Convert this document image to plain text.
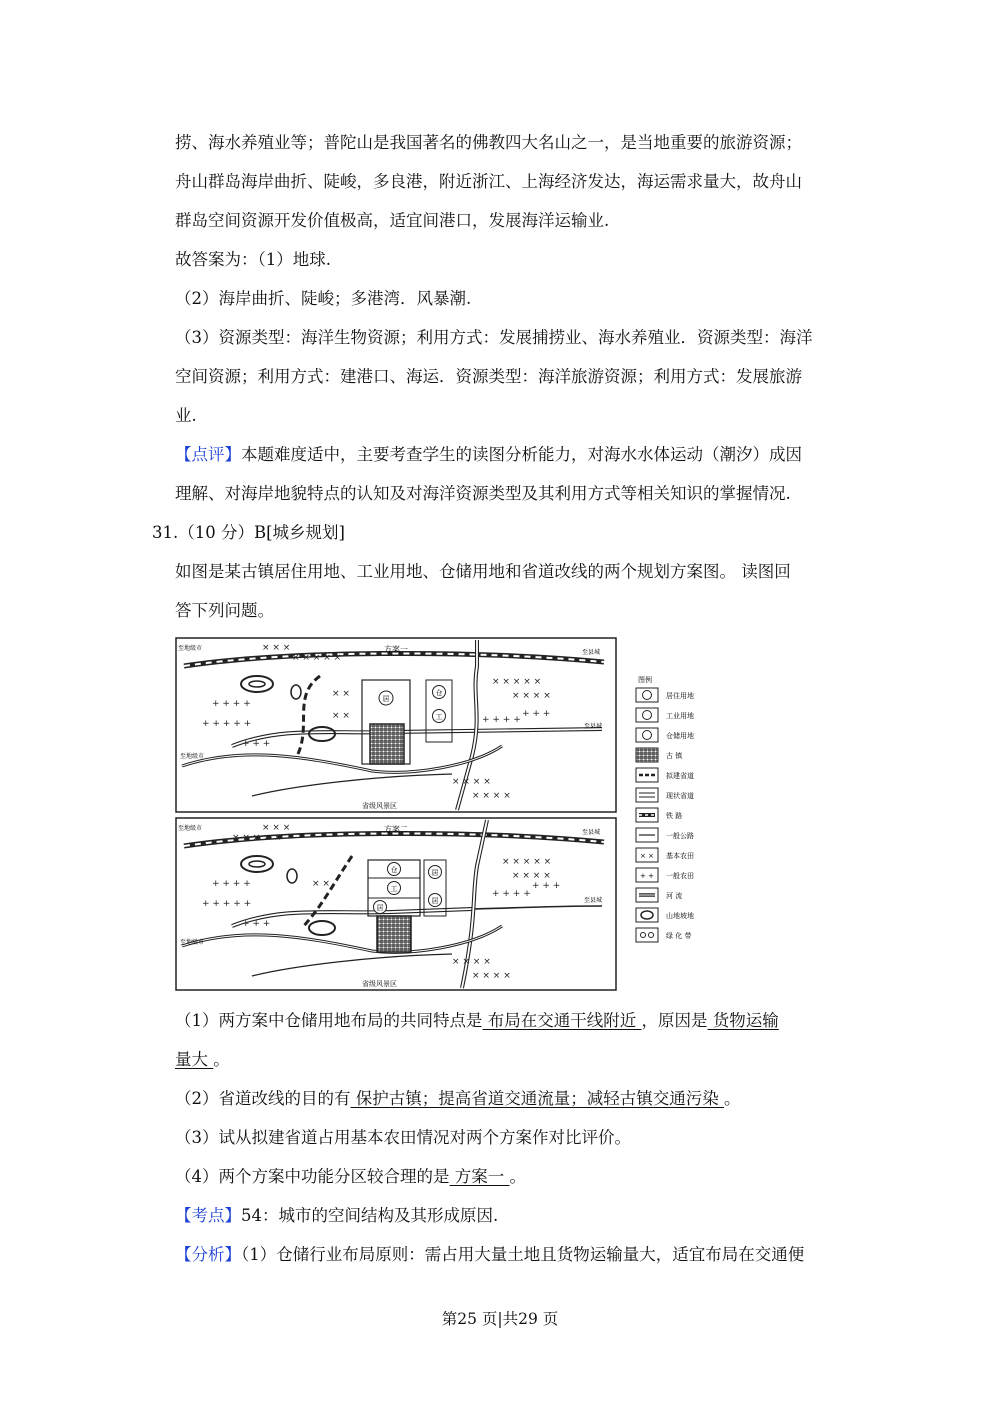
捞、海水养殖业等；普陀山是我国著名的佛教四大名山之一，是当地重要的旅游资源；
舟山群岛海岸曲折、陡峻，多良港，附近浙江、上海经济发达，海运需求量大，故舟山
群岛空间资源开发价值极高，适宜间港口，发展海洋运输业.
故答案为：（1）地球.
（2）海岸曲折、陡峻；多港湾．风暴潮.
（3）资源类型：海洋生物资源；利用方式：发展捕捞业、海水养殖业．资源类型：海洋
空间资源；利用方式：建港口、海运．资源类型：海洋旅游资源；利用方式：发展旅游
业.
【点评】本题难度适中，主要考查学生的读图分析能力，对海水水体运动（潮汐）成因
理解、对海岸地貌特点的认知及对海洋资源类型及其利用方式等相关知识的掌握情况.
31.（10 分）B[城乡规划]
如图是某古镇居住用地、工业用地、仓储用地和省道改线的两个规划方案图。 读图回
答下列问题。
居
仓
工
× × ×
× × × × ×
× × × × ×
× × × ×
× × × ×
× × × ×
× ×
× ×
+ + + +
+ + + + +
+ + +
+ + + +
+ + +
方案一
至地级市
至县城
至县城
至地级市
省级风景区
仓
工
居
居
居
× × ×
× × × × ×
× × × × ×
× × × ×
× × × ×
× × × ×
× ×
+ + + +
+ + + + +
+ + +
+ + + +
+ + +
方案二
至地级市
至县城
至县城
至地级市
省级风景区
图例
居住用地
工业用地
仓储用地
古 镇
拟建省道
现状省道
铁 路
一般公路
× × 基本农田
+ + 一般农田
河 流
山地坡地
绿 化 带
（1）两方案中仓储用地布局的共同特点是 布局在交通干线附近 ，原因是 货物运输
量大 。
（2）省道改线的目的有 保护古镇；提高省道交通流量；减轻古镇交通污染 。
（3）试从拟建省道占用基本农田情况对两个方案作对比评价。
（4）两个方案中功能分区较合理的是 方案一 。
【考点】54：城市的空间结构及其形成原因.
【分析】（1）仓储行业布局原则：需占用大量土地且货物运输量大，适宜布局在交通便
第25 页|共29 页
